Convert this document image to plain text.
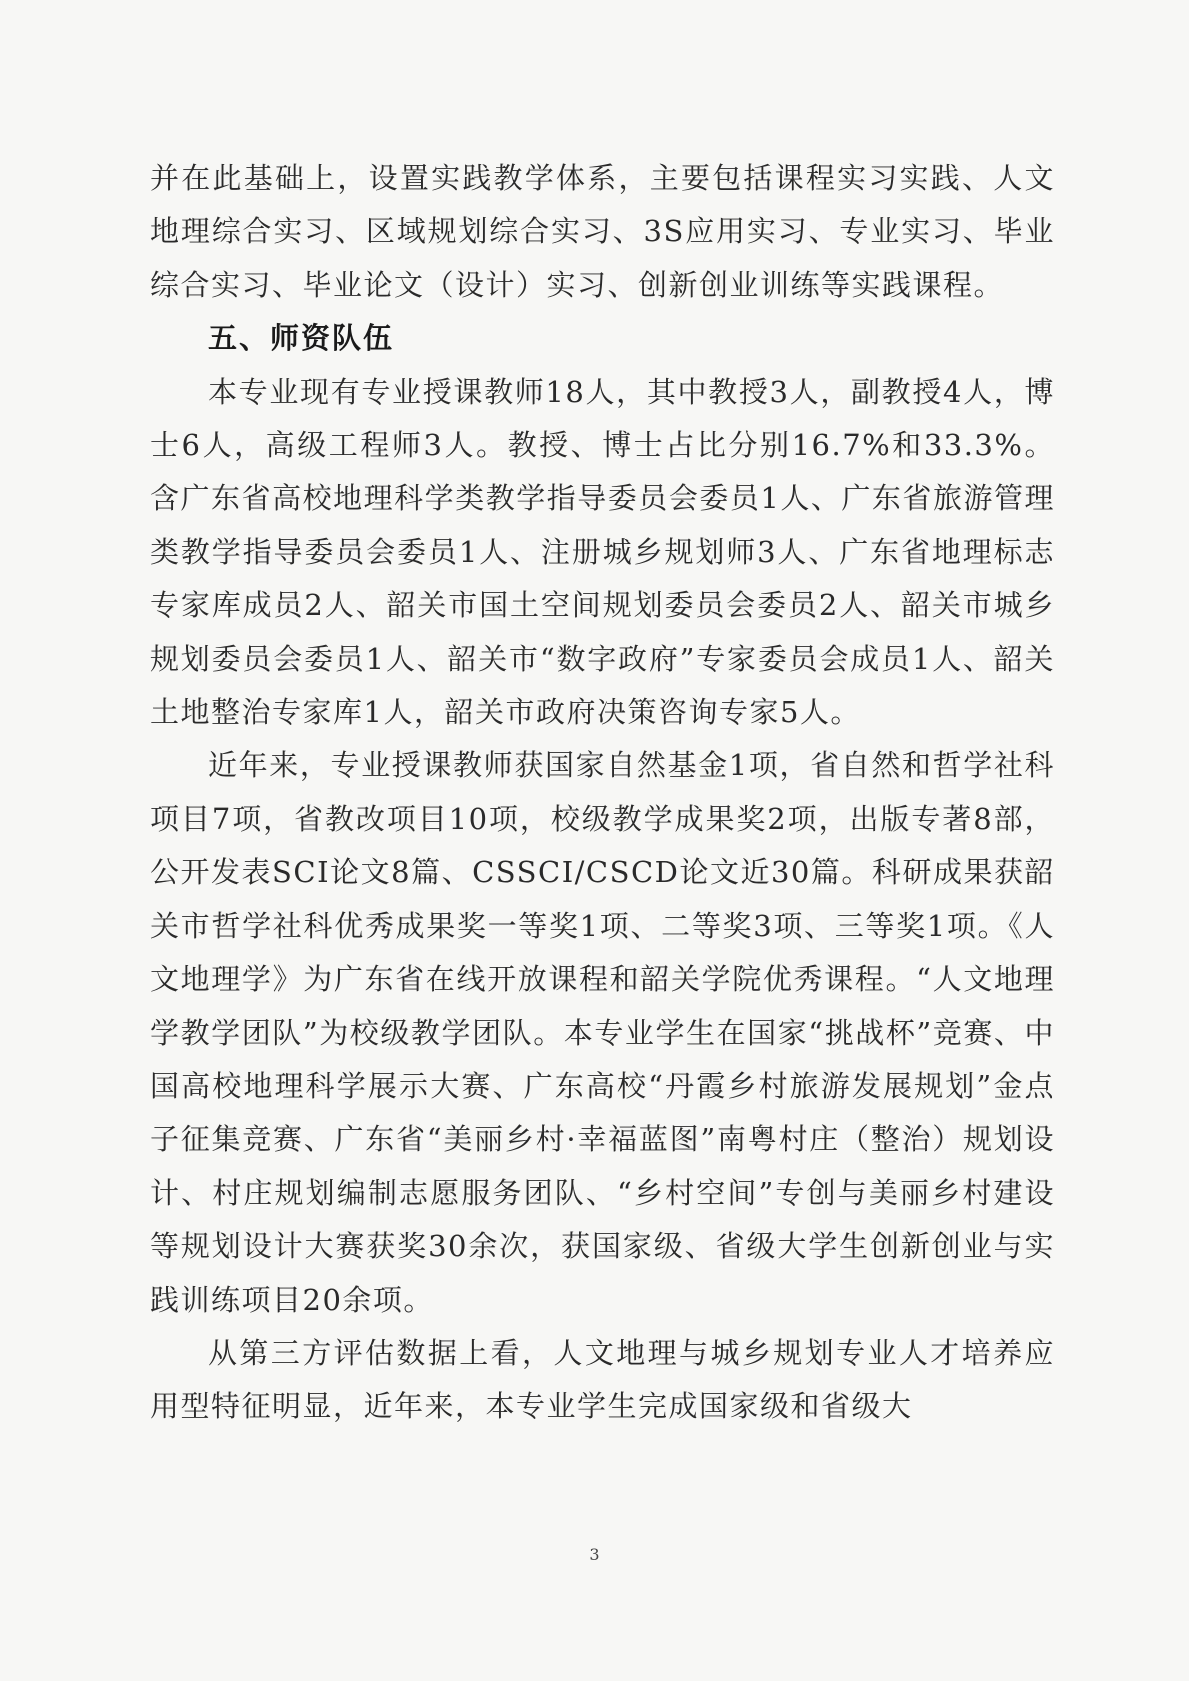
并在此基础上，设置实践教学体系，主要包括课程实习实践、人文地理综合实习、区域规划综合实习、3S应用实习、专业实习、毕业综合实习、毕业论文（设计）实习、创新创业训练等实践课程。

五、师资队伍

本专业现有专业授课教师18人，其中教授3人，副教授4人，博士6人，高级工程师3人。教授、博士占比分别16.7%和33.3%。含广东省高校地理科学类教学指导委员会委员1人、广东省旅游管理类教学指导委员会委员1人、注册城乡规划师3人、广东省地理标志专家库成员2人、韶关市国土空间规划委员会委员2人、韶关市城乡规划委员会委员1人、韶关市“数字政府”专家委员会成员1人、韶关土地整治专家库1人，韶关市政府决策咨询专家5人。

近年来，专业授课教师获国家自然基金1项，省自然和哲学社科项目7项，省教改项目10项，校级教学成果奖2项，出版专著8部，公开发表SCI论文8篇、CSSCI/CSCD论文近30篇。科研成果获韶关市哲学社科优秀成果奖一等奖1项、二等奖3项、三等奖1项。《人文地理学》为广东省在线开放课程和韶关学院优秀课程。“人文地理学教学团队”为校级教学团队。本专业学生在国家“挑战杯”竞赛、中国高校地理科学展示大赛、广东高校“丹霞乡村旅游发展规划”金点子征集竞赛、广东省“美丽乡村·幸福蓝图”南粤村庄（整治）规划设计、村庄规划编制志愿服务团队、“乡村空间”专创与美丽乡村建设等规划设计大赛获奖30余次，获国家级、省级大学生创新创业与实践训练项目20余项。

从第三方评估数据上看，人文地理与城乡规划专业人才培养应用型特征明显，近年来，本专业学生完成国家级和省级大

3
